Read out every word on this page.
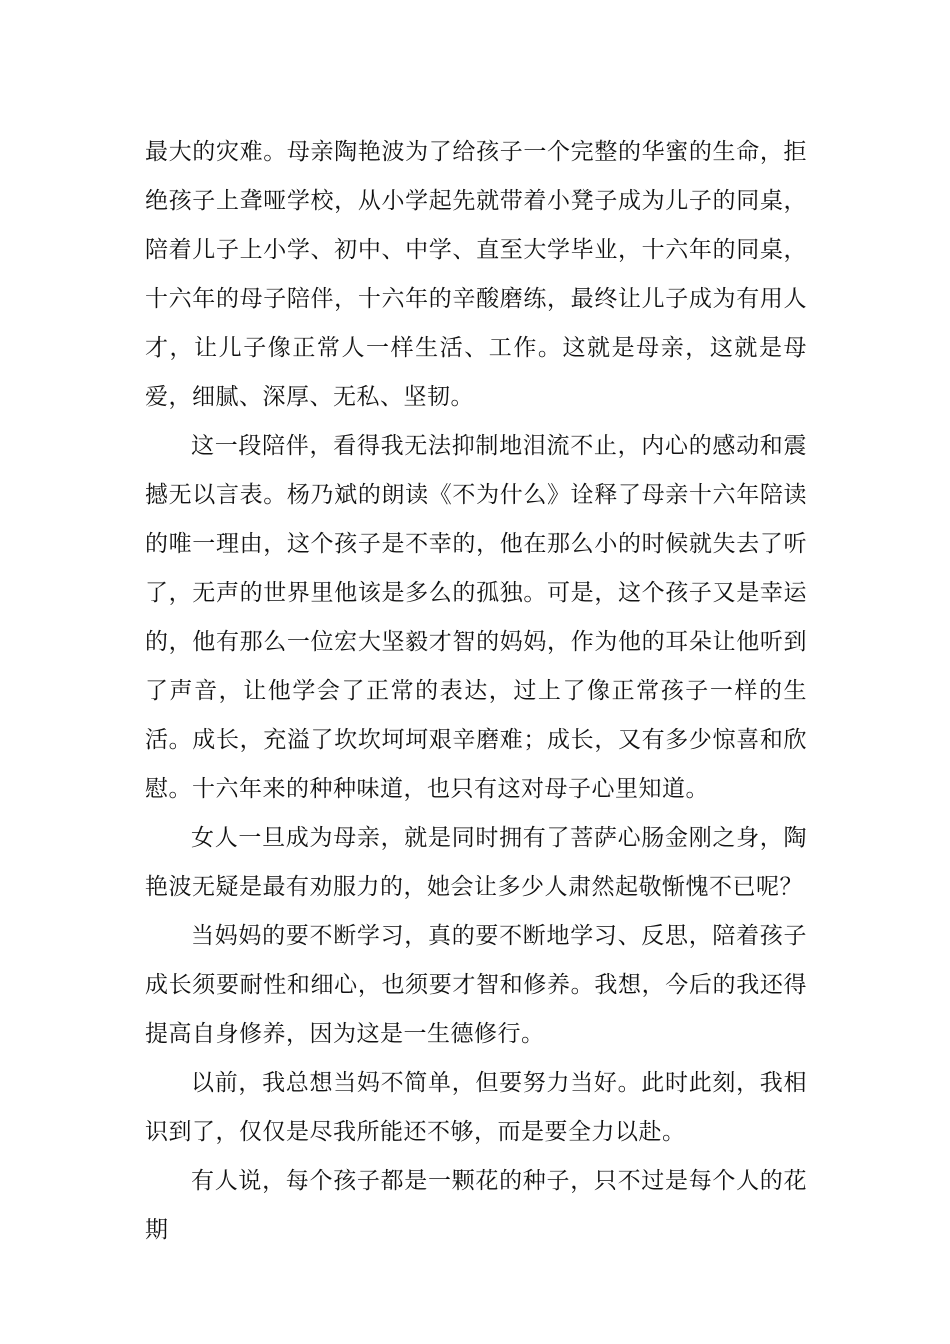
最大的灾难。母亲陶艳波为了给孩子一个完整的华蜜的生命，拒绝孩子上聋哑学校，从小学起先就带着小凳子成为儿子的同桌，陪着儿子上小学、初中、中学、直至大学毕业，十六年的同桌，十六年的母子陪伴，十六年的辛酸磨练，最终让儿子成为有用人才，让儿子像正常人一样生活、工作。这就是母亲，这就是母爱，细腻、深厚、无私、坚韧。

这一段陪伴，看得我无法抑制地泪流不止，内心的感动和震撼无以言表。杨乃斌的朗读《不为什么》诠释了母亲十六年陪读的唯一理由，这个孩子是不幸的，他在那么小的时候就失去了听了，无声的世界里他该是多么的孤独。可是，这个孩子又是幸运的，他有那么一位宏大坚毅才智的妈妈，作为他的耳朵让他听到了声音，让他学会了正常的表达，过上了像正常孩子一样的生活。成长，充溢了坎坎坷坷艰辛磨难；成长，又有多少惊喜和欣慰。十六年来的种种味道，也只有这对母子心里知道。

女人一旦成为母亲，就是同时拥有了菩萨心肠金刚之身，陶艳波无疑是最有劝服力的，她会让多少人肃然起敬惭愧不已呢？

当妈妈的要不断学习，真的要不断地学习、反思，陪着孩子成长须要耐性和细心，也须要才智和修养。我想，今后的我还得提高自身修养，因为这是一生德修行。

以前，我总想当妈不简单，但要努力当好。此时此刻，我相识到了，仅仅是尽我所能还不够，而是要全力以赴。

有人说，每个孩子都是一颗花的种子，只不过是每个人的花期
